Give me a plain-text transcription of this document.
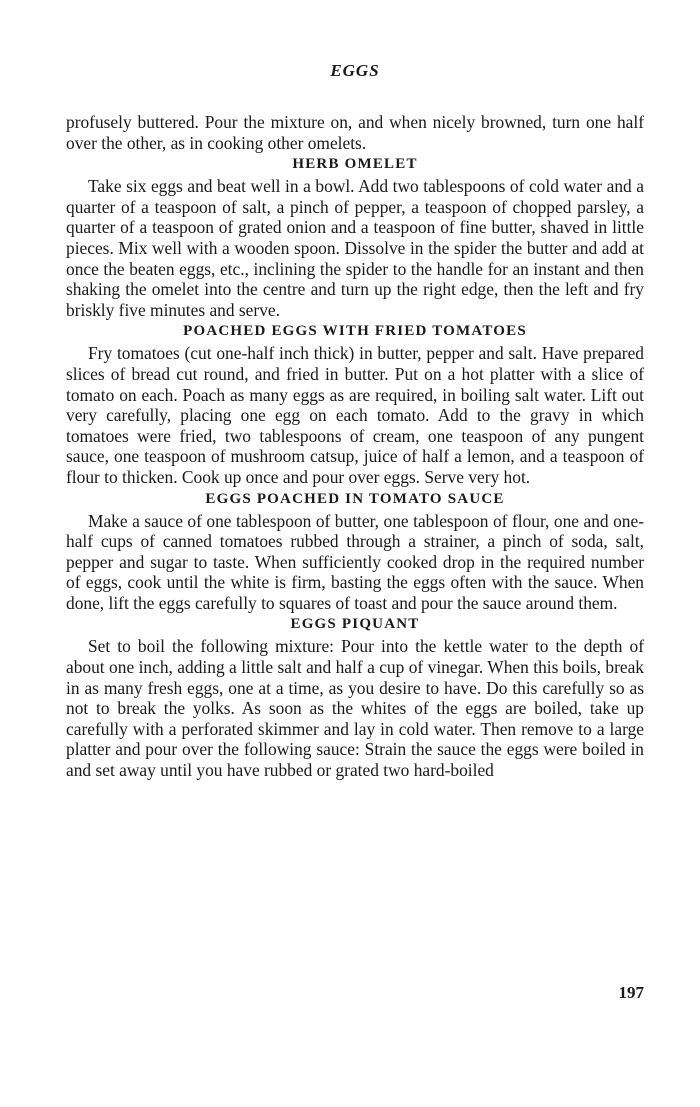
EGGS

profusely buttered. Pour the mixture on, and when nicely browned, turn one half over the other, as in cooking other omelets.

HERB OMELET

Take six eggs and beat well in a bowl. Add two tablespoons of cold water and a quarter of a teaspoon of salt, a pinch of pepper, a teaspoon of chopped parsley, a quarter of a teaspoon of grated onion and a teaspoon of fine butter, shaved in little pieces. Mix well with a wooden spoon. Dissolve in the spider the butter and add at once the beaten eggs, etc., inclining the spider to the handle for an instant and then shaking the omelet into the centre and turn up the right edge, then the left and fry briskly five minutes and serve.

POACHED EGGS WITH FRIED TOMATOES

Fry tomatoes (cut one-half inch thick) in butter, pepper and salt. Have prepared slices of bread cut round, and fried in butter. Put on a hot platter with a slice of tomato on each. Poach as many eggs as are required, in boiling salt water. Lift out very carefully, placing one egg on each tomato. Add to the gravy in which tomatoes were fried, two tablespoons of cream, one teaspoon of any pungent sauce, one teaspoon of mushroom catsup, juice of half a lemon, and a teaspoon of flour to thicken. Cook up once and pour over eggs. Serve very hot.

EGGS POACHED IN TOMATO SAUCE

Make a sauce of one tablespoon of butter, one tablespoon of flour, one and one-half cups of canned tomatoes rubbed through a strainer, a pinch of soda, salt, pepper and sugar to taste. When sufficiently cooked drop in the required number of eggs, cook until the white is firm, basting the eggs often with the sauce. When done, lift the eggs carefully to squares of toast and pour the sauce around them.

EGGS PIQUANT

Set to boil the following mixture: Pour into the kettle water to the depth of about one inch, adding a little salt and half a cup of vinegar. When this boils, break in as many fresh eggs, one at a time, as you desire to have. Do this carefully so as not to break the yolks. As soon as the whites of the eggs are boiled, take up carefully with a perforated skimmer and lay in cold water. Then remove to a large platter and pour over the following sauce: Strain the sauce the eggs were boiled in and set away until you have rubbed or grated two hard-boiled

197
